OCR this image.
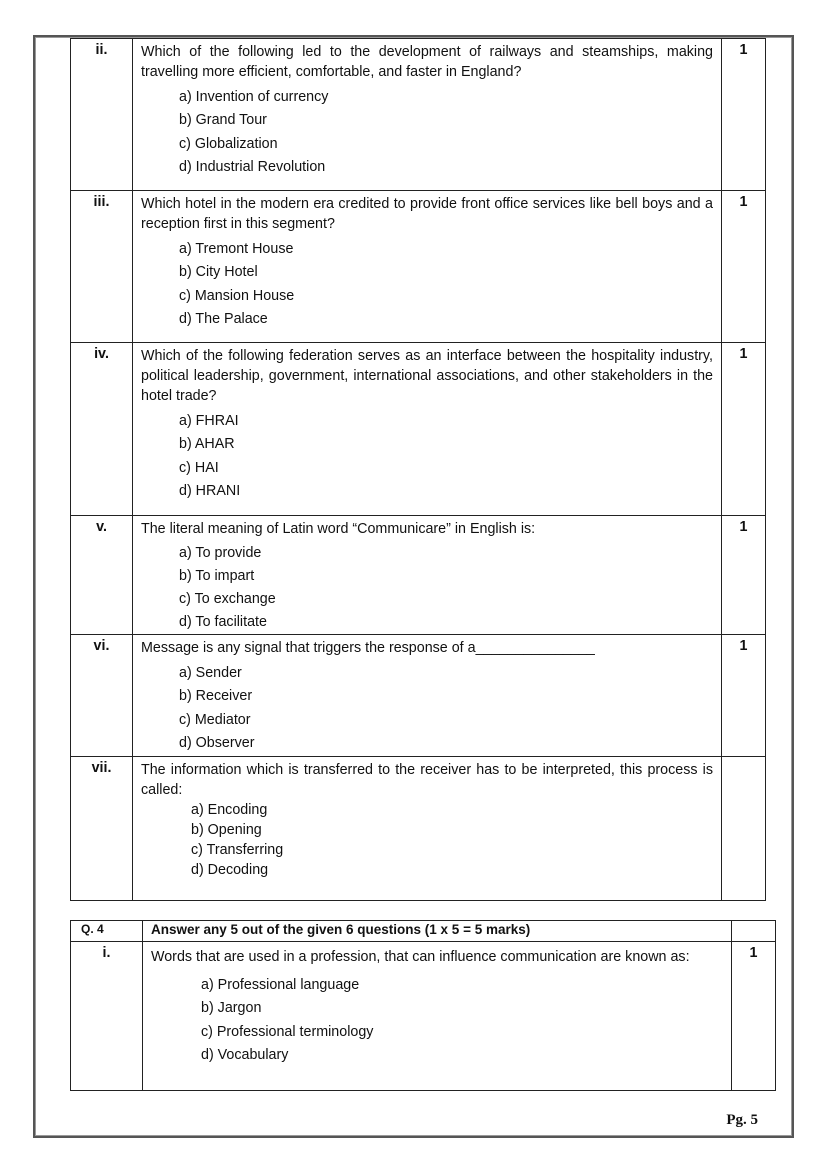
ii.	Which of the following led to the development of railways and steamships, making travelling more efficient, comfortable, and faster in England?
a) Invention of currency
b) Grand Tour
c) Globalization
d) Industrial Revolution	1
iii.	Which hotel in the modern era credited to provide front office services like bell boys and a reception first in this segment?
a) Tremont House
b) City Hotel
c) Mansion House
d) The Palace	1
iv.	Which of the following federation serves as an interface between the hospitality industry, political leadership, government, international associations, and other stakeholders in the hotel trade?
a) FHRAI
b) AHAR
c) HAI
d) HRANI	1
v.	The literal meaning of Latin word “Communicare” in English is:
a) To provide
b) To impart
c) To exchange
d) To facilitate	1
vi.	Message is any signal that triggers the response of a_______________
a) Sender
b) Receiver
c) Mediator
d) Observer	1
vii.	The information which is transferred to the receiver has to be interpreted, this process is called:
a) Encoding
b) Opening
c) Transferring
d) Decoding	

Q. 4	Answer any 5 out of the given 6 questions (1 x 5 = 5 marks)	
i.	Words that are used in a profession, that can influence communication are known as:
a) Professional language
b) Jargon
c) Professional terminology
d) Vocabulary	1
Pg. 5
